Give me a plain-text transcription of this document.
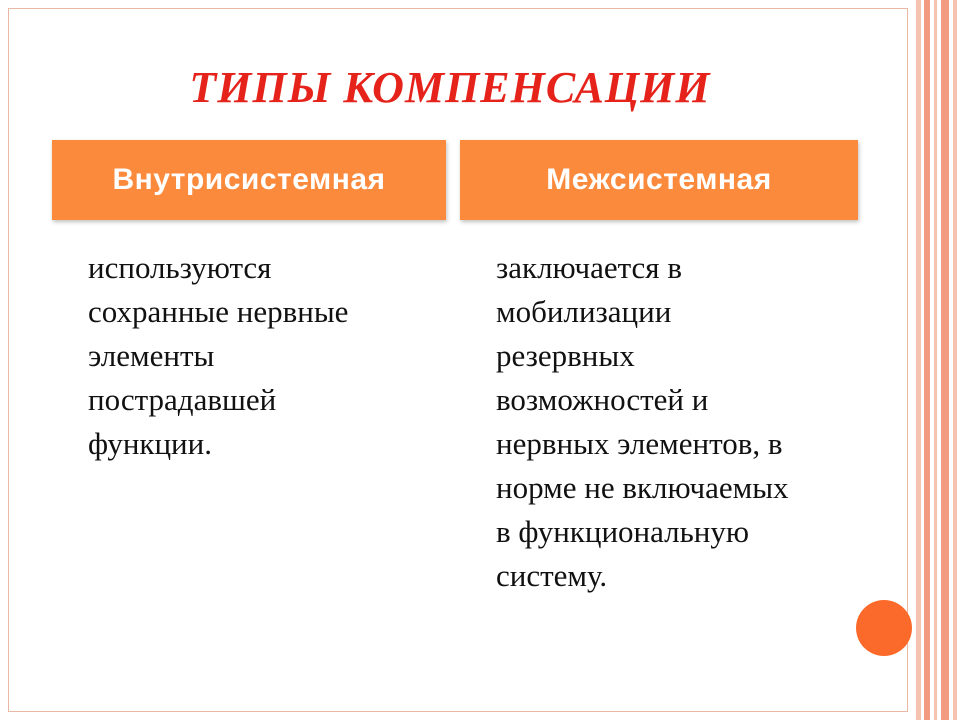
ТИПЫ КОМПЕНСАЦИИ
Внутрисистемная	Межсистемная
используются
сохранные нервные
элементы
пострадавшей
функции.
заключается в
мобилизации
резервных
возможностей и
нервных элементов, в
норме не включаемых
в функциональную
систему.
